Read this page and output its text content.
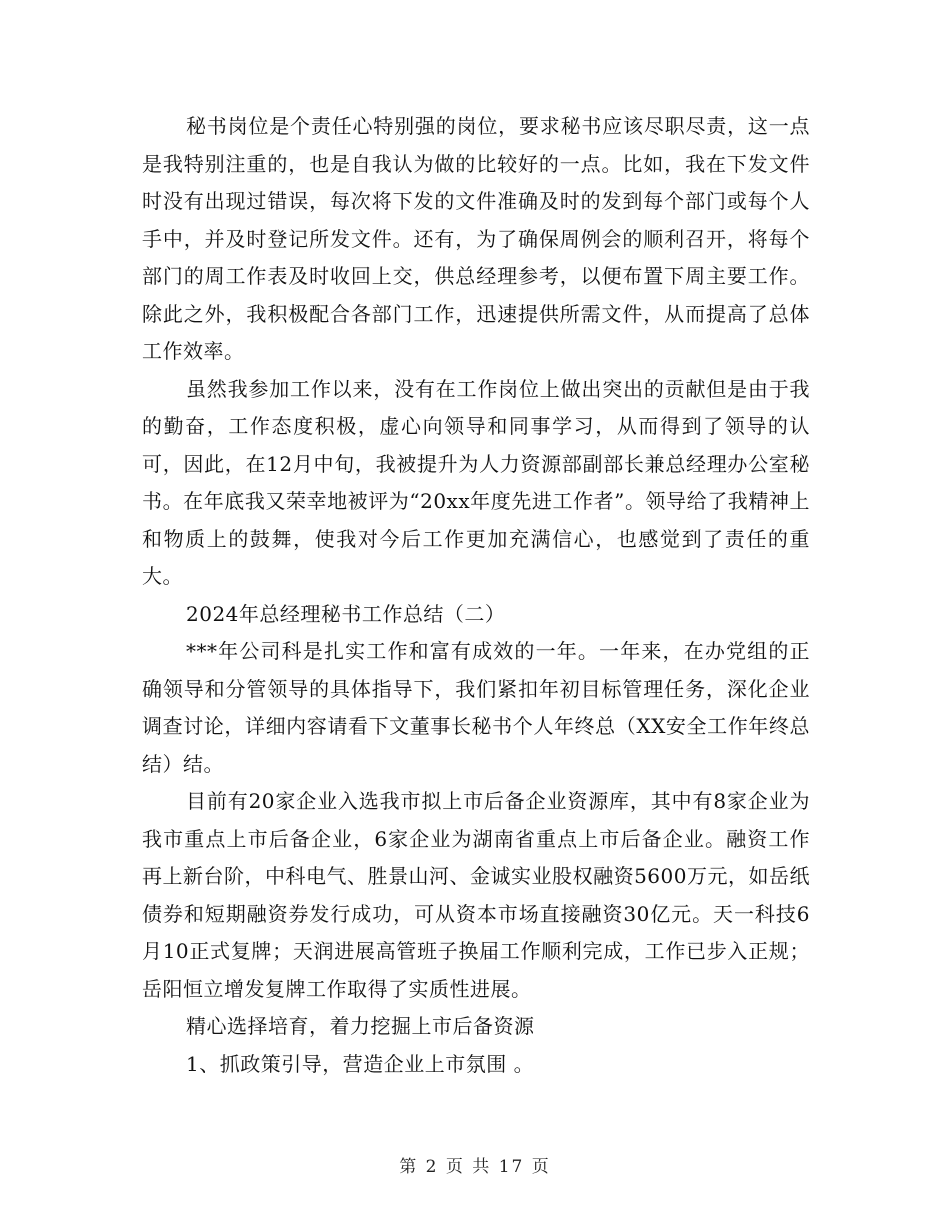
秘书岗位是个责任心特别强的岗位，要求秘书应该尽职尽责，这一点是我特别注重的，也是自我认为做的比较好的一点。比如，我在下发文件时没有出现过错误，每次将下发的文件准确及时的发到每个部门或每个人手中，并及时登记所发文件。还有，为了确保周例会的顺利召开，将每个部门的周工作表及时收回上交，供总经理参考，以便布置下周主要工作。除此之外，我积极配合各部门工作，迅速提供所需文件，从而提高了总体工作效率。

虽然我参加工作以来，没有在工作岗位上做出突出的贡献但是由于我的勤奋，工作态度积极，虚心向领导和同事学习，从而得到了领导的认可，因此，在12月中旬，我被提升为人力资源部副部长兼总经理办公室秘书。在年底我又荣幸地被评为“20xx年度先进工作者”。领导给了我精神上和物质上的鼓舞，使我对今后工作更加充满信心，也感觉到了责任的重大。

2024年总经理秘书工作总结（二）

***年公司科是扎实工作和富有成效的一年。一年来，在办党组的正确领导和分管领导的具体指导下，我们紧扣年初目标管理任务，深化企业调查讨论，详细内容请看下文董事长秘书个人年终总（XX安全工作年终总结）结。

目前有20家企业入选我市拟上市后备企业资源库，其中有8家企业为我市重点上市后备企业，6家企业为湖南省重点上市后备企业。融资工作再上新台阶，中科电气、胜景山河、金诚实业股权融资5600万元，如岳纸债券和短期融资券发行成功，可从资本市场直接融资30亿元。天一科技6月10正式复牌；天润进展高管班子换届工作顺利完成，工作已步入正规；岳阳恒立增发复牌工作取得了实质性进展。

精心选择培育，着力挖掘上市后备资源

1、抓政策引导，营造企业上市氛围 。

第 2 页 共 17 页
